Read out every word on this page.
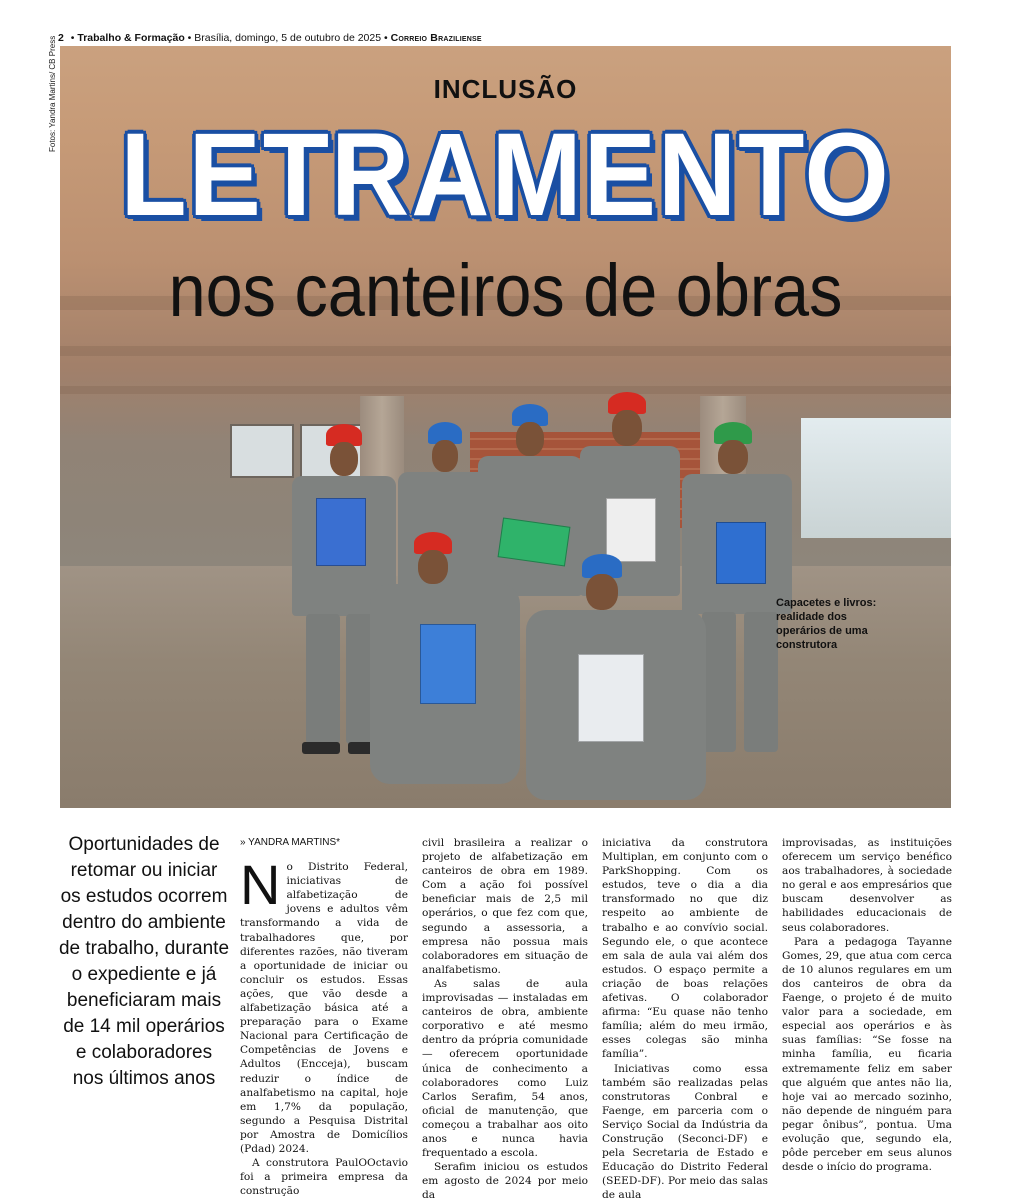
2 • Trabalho & Formação • Brasília, domingo, 5 de outubro de 2025 • Correio Braziliense
Fotos: Yandra Martins/ CB Press	INCLUSÃO
LETRAMENTO
nos canteiros de obras
Capacetes e livros: realidade dos operários de uma construtora
Oportunidades de retomar ou iniciar os estudos ocorrem dentro do ambiente de trabalho, durante o expediente e já beneficiaram mais de 14 mil operários e colaboradores nos últimos anos
» YANDRA MARTINS*
N o Distrito Federal, iniciativas de alfabetização de jovens e adultos vêm transformando a vida de trabalhadores que, por diferentes razões, não tiveram a oportunidade de iniciar ou concluir os estudos. Essas ações, que vão desde a alfabetização básica até a preparação para o Exame Nacional para Certificação de Competências de Jovens e Adultos (Encceja), buscam reduzir o índice de analfabetismo na capital, hoje em 1,7% da população, segundo a Pesquisa Distrital por Amostra de Domicílios (Pdad) 2024.

A construtora PaulOOctavio foi a primeira empresa da construção

civil brasileira a realizar o projeto de alfabetização em canteiros de obra em 1989. Com a ação foi possível beneficiar mais de 2,5 mil operários, o que fez com que, segundo a assessoria, a empresa não possua mais colaboradores em situação de analfabetismo.

As salas de aula improvisadas — instaladas em canteiros de obra, ambiente corporativo e até mesmo dentro da própria comunidade — oferecem oportunidade única de conhecimento a colaboradores como Luiz Carlos Serafim, 54 anos, oficial de manutenção, que começou a trabalhar aos oito anos e nunca havia frequentado a escola.

Serafim iniciou os estudos em agosto de 2024 por meio da

iniciativa da construtora Multiplan, em conjunto com o ParkShopping. Com os estudos, teve o dia a dia transformado no que diz respeito ao ambiente de trabalho e ao convívio social. Segundo ele, o que acontece em sala de aula vai além dos estudos. O espaço permite a criação de boas relações afetivas. O colaborador afirma: “Eu quase não tenho família; além do meu irmão, esses colegas são minha família”.

Iniciativas como essa também são realizadas pelas construtoras Conbral e Faenge, em parceria com o Serviço Social da Indústria da Construção (Seconci-DF) e pela Secretaria de Estado e Educação do Distrito Federal (SEED-DF). Por meio das salas de aula

improvisadas, as instituições oferecem um serviço benéfico aos trabalhadores, à sociedade no geral e aos empresários que buscam desenvolver as habilidades educacionais de seus colaboradores.

Para a pedagoga Tayanne Gomes, 29, que atua com cerca de 10 alunos regulares em um dos canteiros de obra da Faenge, o projeto é de muito valor para a sociedade, em especial aos operários e às suas famílias: “Se fosse na minha família, eu ficaria extremamente feliz em saber que alguém que antes não lia, hoje vai ao mercado sozinho, não depende de ninguém para pegar ônibus”, pontua. Uma evolução que, segundo ela, pôde perceber em seus alunos desde o início do programa.
